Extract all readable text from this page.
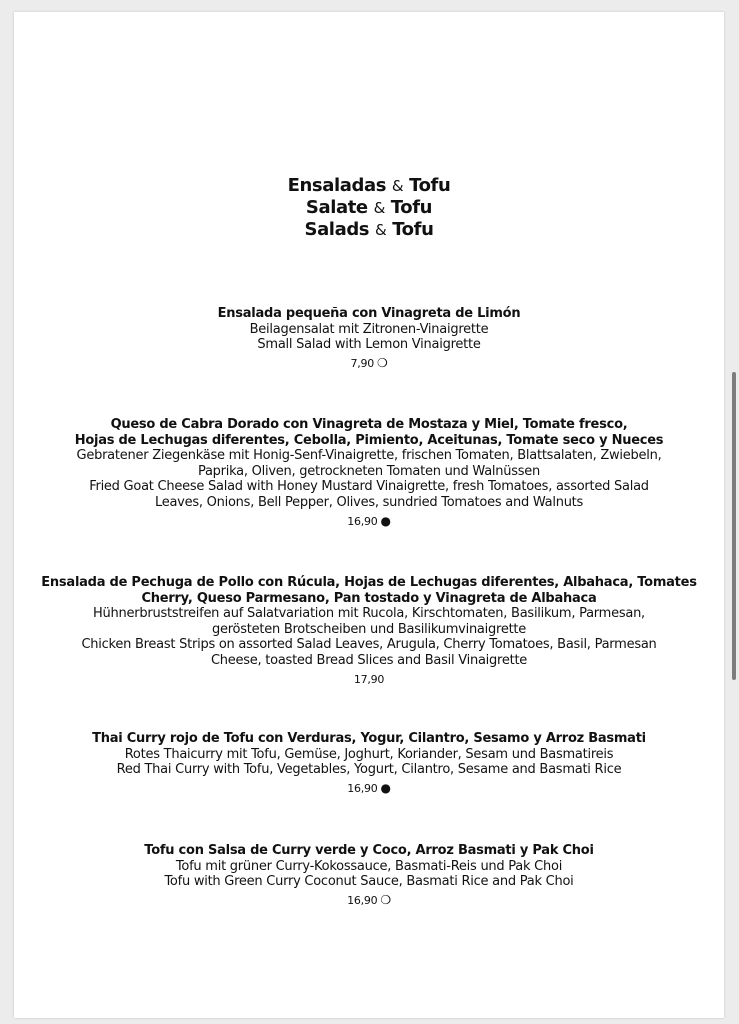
Ensaladas & Tofu
Salate & Tofu
Salads & Tofu
Ensalada pequeña con Vinagreta de Limón
Beilagensalat mit Zitronen-Vinaigrette
Small Salad with Lemon Vinaigrette
7,90 ❍
Queso de Cabra Dorado con Vinagreta de Mostaza y Miel, Tomate fresco,
Hojas de Lechugas diferentes, Cebolla, Pimiento, Aceitunas, Tomate seco y Nueces
Gebratener Ziegenkäse mit Honig-Senf-Vinaigrette, frischen Tomaten, Blattsalaten, Zwiebeln,
Paprika, Oliven, getrockneten Tomaten und Walnüssen
Fried Goat Cheese Salad with Honey Mustard Vinaigrette, fresh Tomatoes, assorted Salad
Leaves, Onions, Bell Pepper, Olives, sundried Tomatoes and Walnuts
16,90 ●
Ensalada de Pechuga de Pollo con Rúcula, Hojas de Lechugas diferentes, Albahaca, Tomates
Cherry, Queso Parmesano, Pan tostado y Vinagreta de Albahaca
Hühnerbruststreifen auf Salatvariation mit Rucola, Kirschtomaten, Basilikum, Parmesan,
gerösteten Brotscheiben und Basilikumvinaigrette
Chicken Breast Strips on assorted Salad Leaves, Arugula, Cherry Tomatoes, Basil, Parmesan
Cheese, toasted Bread Slices and Basil Vinaigrette
17,90
Thai Curry rojo de Tofu con Verduras, Yogur, Cilantro, Sesamo y Arroz Basmati
Rotes Thaicurry mit Tofu, Gemüse, Joghurt, Koriander, Sesam und Basmatireis
Red Thai Curry with Tofu, Vegetables, Yogurt, Cilantro, Sesame and Basmati Rice
16,90 ●
Tofu con Salsa de Curry verde y Coco, Arroz Basmati y Pak Choi
Tofu mit grüner Curry-Kokossauce, Basmati-Reis und Pak Choi
Tofu with Green Curry Coconut Sauce, Basmati Rice and Pak Choi
16,90 ❍
